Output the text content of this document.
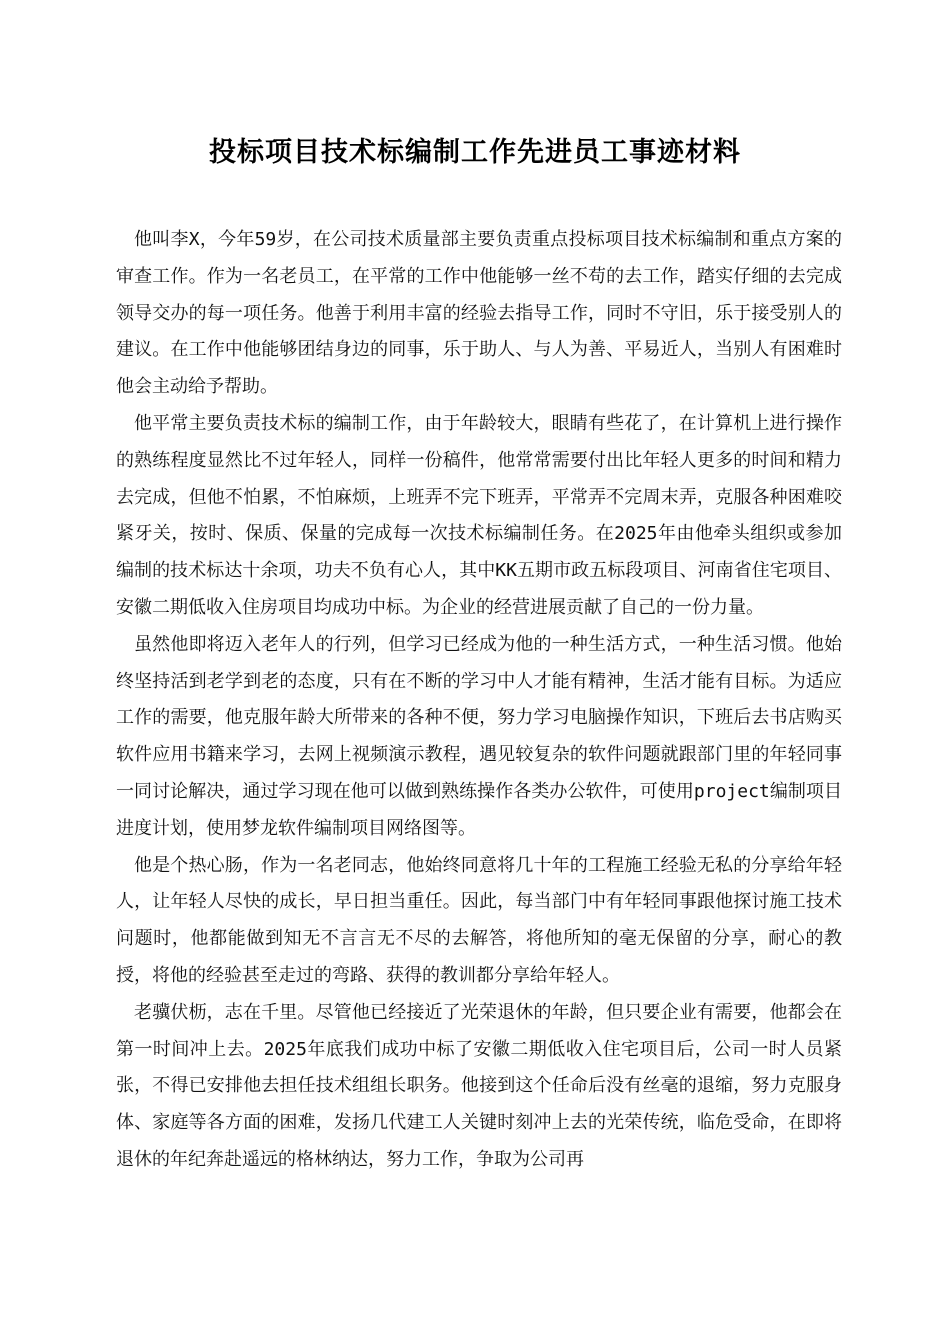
投标项目技术标编制工作先进员工事迹材料

他叫李X，今年59岁，在公司技术质量部主要负责重点投标项目技术标编制和重点方案的审查工作。作为一名老员工，在平常的工作中他能够一丝不苟的去工作，踏实仔细的去完成领导交办的每一项任务。他善于利用丰富的经验去指导工作，同时不守旧，乐于接受别人的建议。在工作中他能够团结身边的同事，乐于助人、与人为善、平易近人，当别人有困难时他会主动给予帮助。

他平常主要负责技术标的编制工作，由于年龄较大，眼睛有些花了，在计算机上进行操作的熟练程度显然比不过年轻人，同样一份稿件，他常常需要付出比年轻人更多的时间和精力去完成，但他不怕累，不怕麻烦，上班弄不完下班弄，平常弄不完周末弄，克服各种困难咬紧牙关，按时、保质、保量的完成每一次技术标编制任务。在2025年由他牵头组织或参加编制的技术标达十余项，功夫不负有心人，其中KK五期市政五标段项目、河南省住宅项目、安徽二期低收入住房项目均成功中标。为企业的经营进展贡献了自己的一份力量。

虽然他即将迈入老年人的行列，但学习已经成为他的一种生活方式，一种生活习惯。他始终坚持活到老学到老的态度，只有在不断的学习中人才能有精神，生活才能有目标。为适应工作的需要，他克服年龄大所带来的各种不便，努力学习电脑操作知识，下班后去书店购买软件应用书籍来学习，去网上视频演示教程，遇见较复杂的软件问题就跟部门里的年轻同事一同讨论解决，通过学习现在他可以做到熟练操作各类办公软件，可使用project编制项目进度计划，使用梦龙软件编制项目网络图等。

他是个热心肠，作为一名老同志，他始终同意将几十年的工程施工经验无私的分享给年轻人，让年轻人尽快的成长，早日担当重任。因此，每当部门中有年轻同事跟他探讨施工技术问题时，他都能做到知无不言言无不尽的去解答，将他所知的毫无保留的分享，耐心的教授，将他的经验甚至走过的弯路、获得的教训都分享给年轻人。

老骥伏枥，志在千里。尽管他已经接近了光荣退休的年龄，但只要企业有需要，他都会在第一时间冲上去。2025年底我们成功中标了安徽二期低收入住宅项目后，公司一时人员紧张，不得已安排他去担任技术组组长职务。他接到这个任命后没有丝毫的退缩，努力克服身体、家庭等各方面的困难，发扬几代建工人关键时刻冲上去的光荣传统，临危受命，在即将退休的年纪奔赴遥远的格林纳达，努力工作，争取为公司再
